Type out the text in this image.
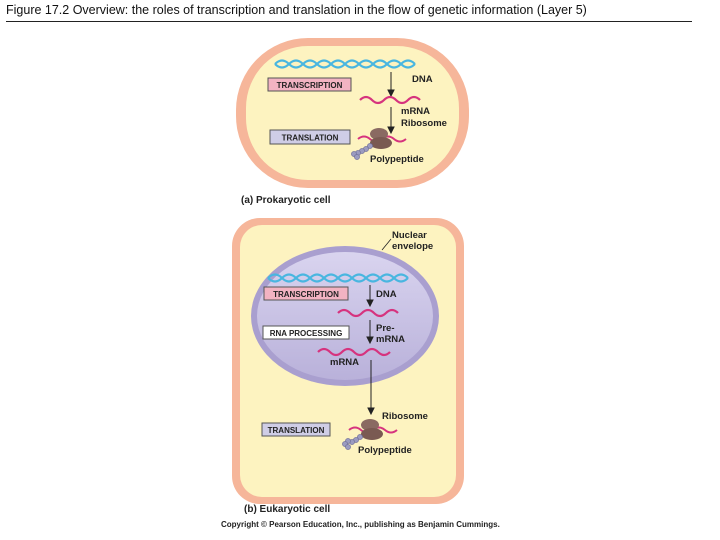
Figure 17.2 Overview: the roles of transcription and translation in the flow of genetic information (Layer 5)
TRANSCRIPTION
TRANSLATION
DNA
mRNA
Ribosome
Polypeptide
(a) Prokaryotic cell
TRANSCRIPTION
RNA PROCESSING
TRANSLATION
Nuclear
envelope
DNA
Pre-
mRNA
mRNA
Ribosome
Polypeptide
(b) Eukaryotic cell
Copyright © Pearson Education, Inc., publishing as Benjamin Cummings.
